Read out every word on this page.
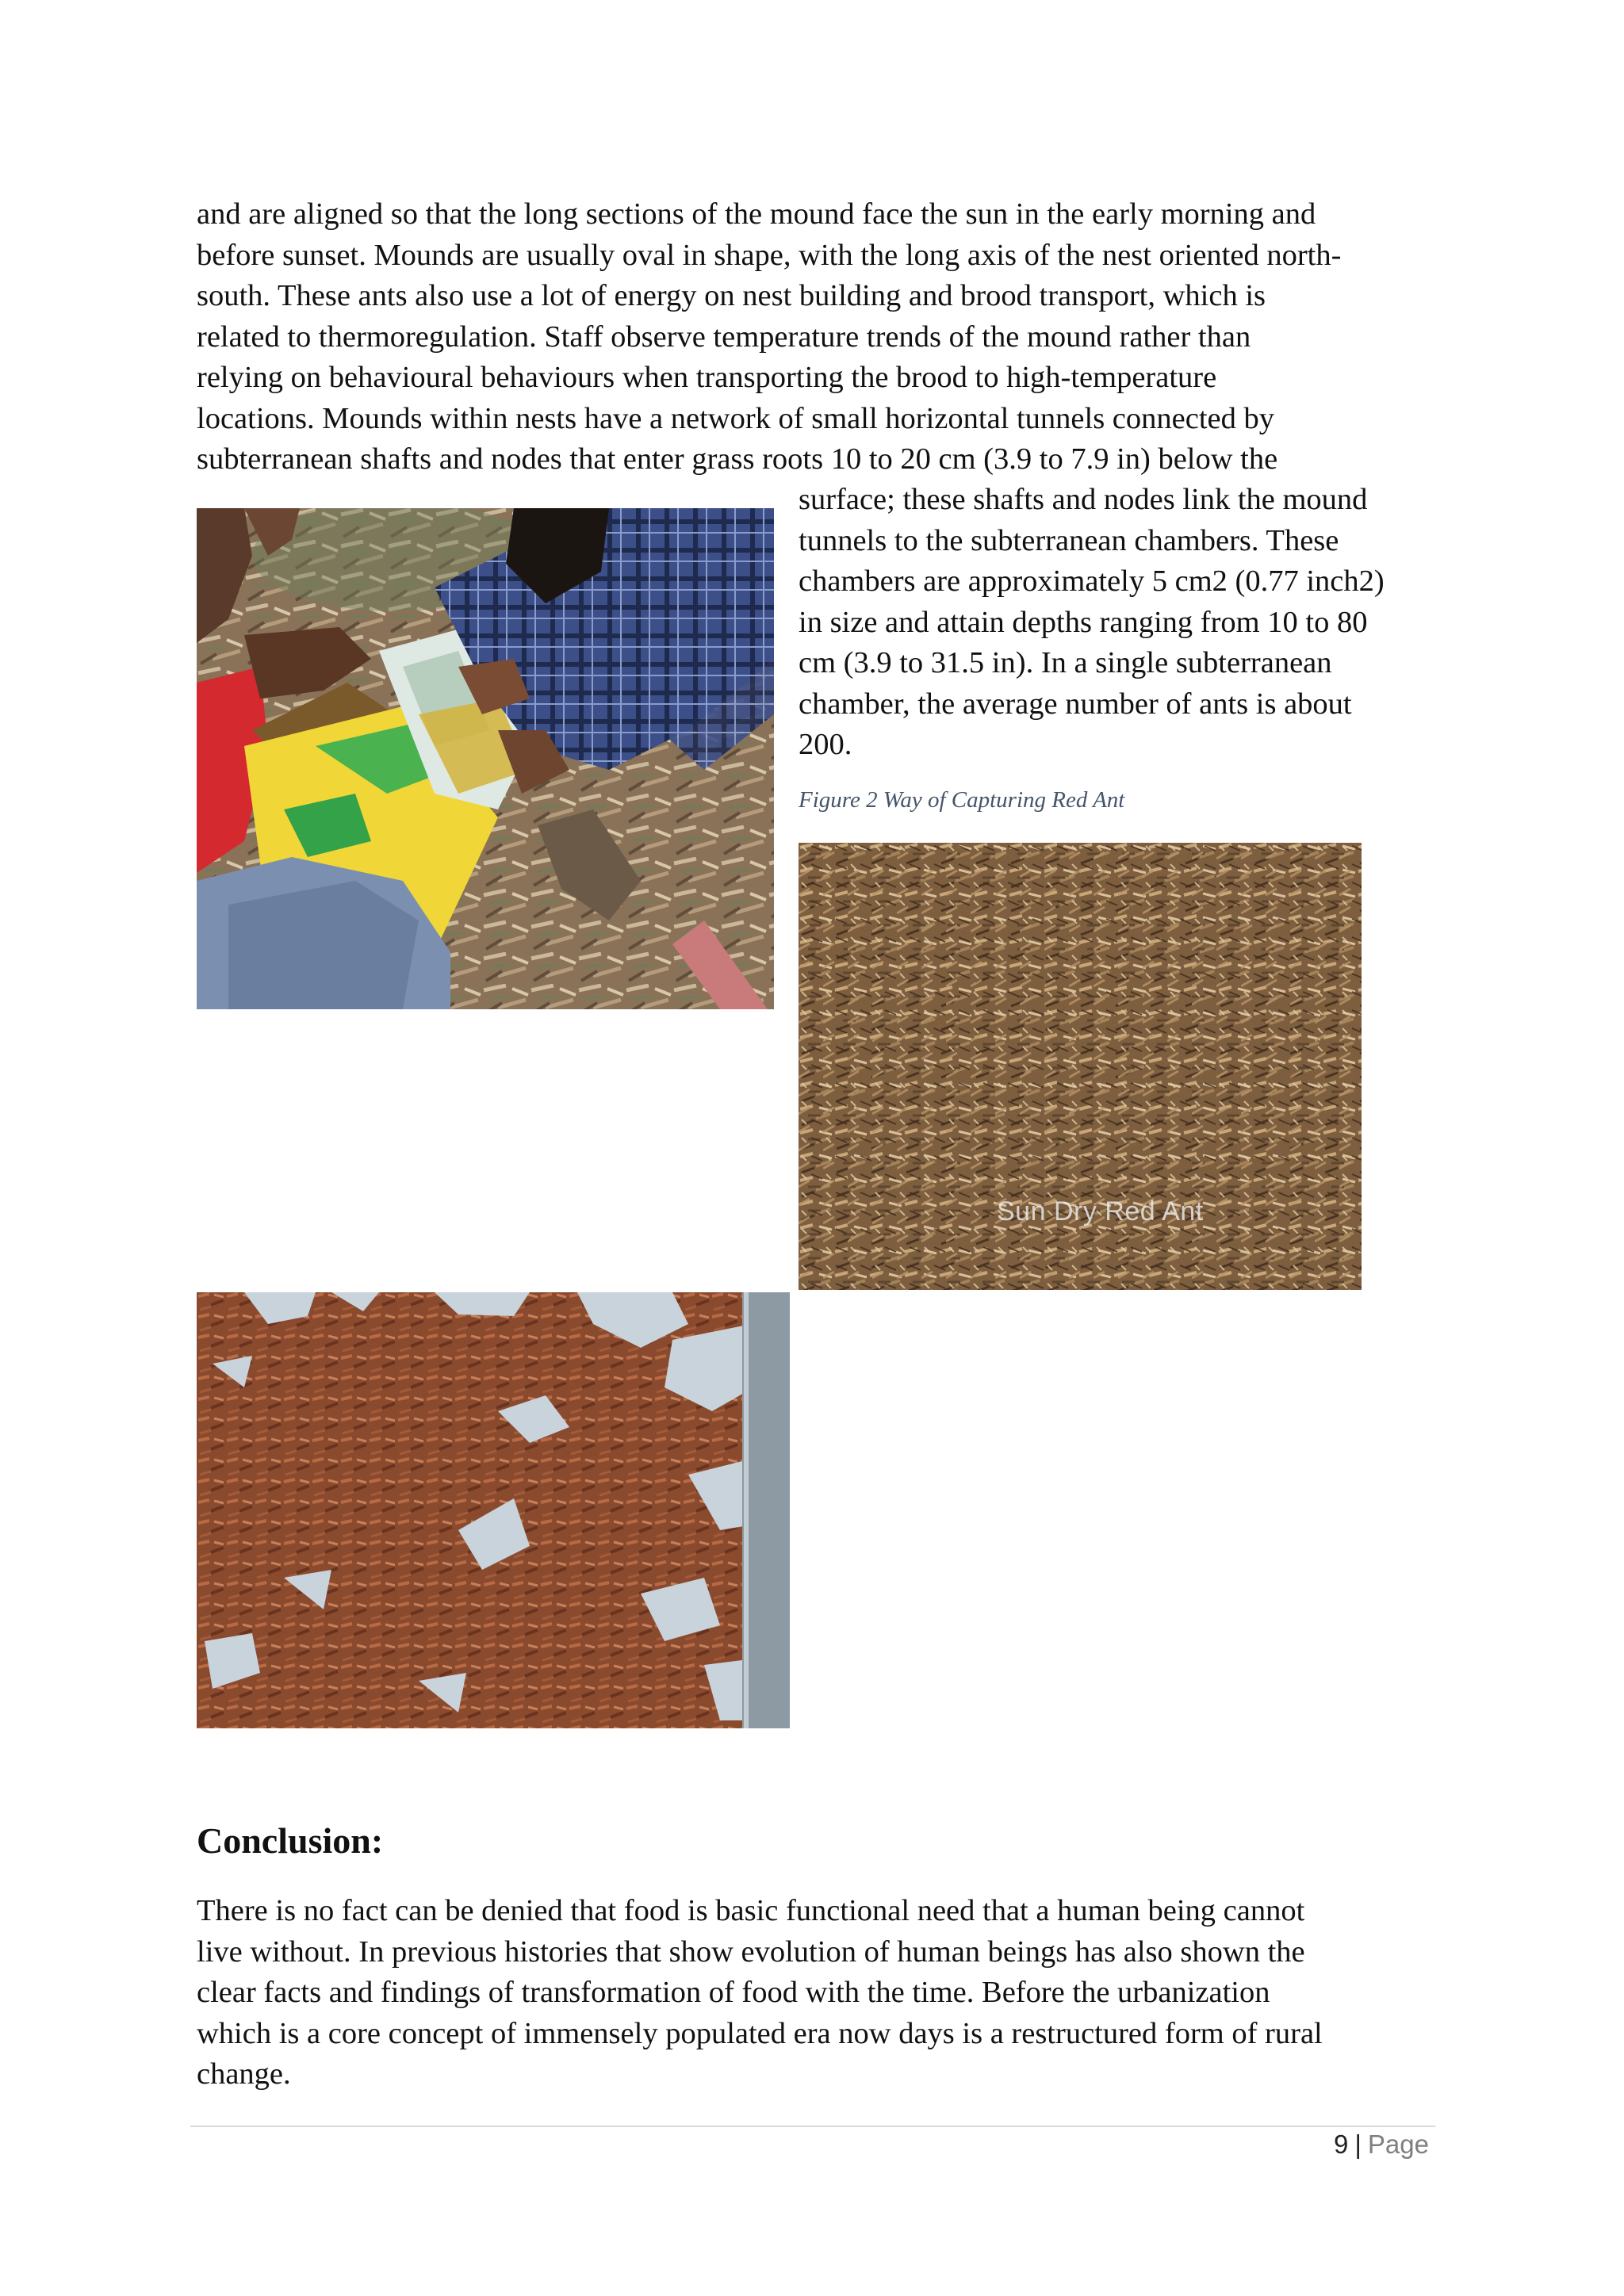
and are aligned so that the long sections of the mound face the sun in the early morning and
before sunset. Mounds are usually oval in shape, with the long axis of the nest oriented north-
south. These ants also use a lot of energy on nest building and brood transport, which is
related to thermoregulation. Staff observe temperature trends of the mound rather than
relying on behavioural behaviours when transporting the brood to high-temperature
locations. Mounds within nests have a network of small horizontal tunnels connected by
subterranean shafts and nodes that enter grass roots 10 to 20 cm (3.9 to 7.9 in) below the
surface; these shafts and nodes link the mound
tunnels to the subterranean chambers. These
chambers are approximately 5 cm2 (0.77 inch2)
in size and attain depths ranging from 10 to 80
cm (3.9 to 31.5 in). In a single subterranean
chamber, the average number of ants is about
200.
Figure 2 Way of Capturing Red Ant
Sun Dry Red Ant
Conclusion:
There is no fact can be denied that food is basic functional need that a human being cannot
live without. In previous histories that show evolution of human beings has also shown the
clear facts and findings of transformation of food with the time. Before the urbanization
which is a core concept of immensely populated era now days is a restructured form of rural
change.
9 | Page
